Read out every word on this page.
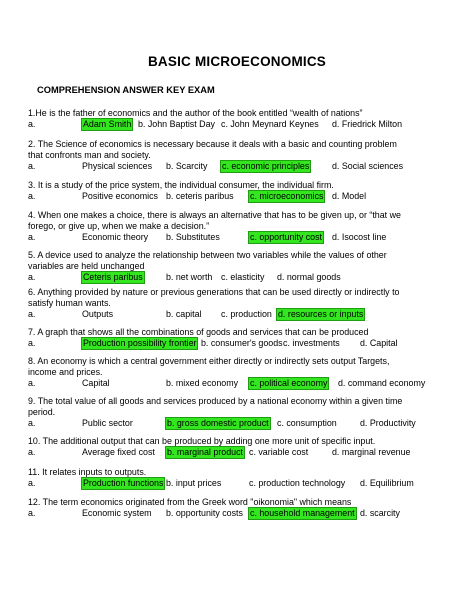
BASIC MICROECONOMICS
COMPREHENSION ANSWER KEY EXAM

1.He is the father of economics and the author of the book entitled “wealth of nations”

a.	Adam Smith b. John Baptist Day c. John Meynard Keynes d. Friedrick Milton

2. The Science of economics is necessary because it deals with a basic and counting problem

that confronts man and society.

a.	Physical sciences b. Scarcity c. economic principles	d. Social sciences

3. It is a study of the price system, the individual consumer, the individual firm.

a.	Positive economics b. ceteris paribus c. microeconomics d. Model

4. When one makes a choice, there is always an alternative that has to be given up, or “that we

forego, or give up, when we make a decision.”

a.	Economic theory b. Substitutes	c. opportunity cost d. Isocost line

5. A device used to analyze the relationship between two variables while the values of other

variables are held unchanged

a.	Ceteris paribus	b. net worth c. elasticity d. normal goods

6. Anything provided by nature or previous generations that can be used directly or indirectly to

satisfy human wants.

a.	Outputs	b. capital c. production d. resources or inputs

7. A graph that shows all the combinations of goods and services that can be produced

a.	Production possibility frontier b. consumer's goods c. investments d. Capital

8. An economy is which a central government either directly or indirectly sets output Targets,

income and prices.

a.	Capital	b. mixed economy c. political economy d. command economy

9. The total value of all goods and services produced by a national economy within a given time

period.

a.	Public sector	b. gross domestic product c. consumption	d. Productivity

10. The additional output that can be produced by adding one more unit of specific input.

a.	Average fixed cost b. marginal product c. variable cost	d. marginal revenue

11. It relates inputs to outputs.

a.	Production functions b. input prices	c. production technology d. Equilibrium

12. The term economics originated from the Greek word "oikonomia" which means

a.	Economic system b. opportunity costs c. household management d. scarcity
